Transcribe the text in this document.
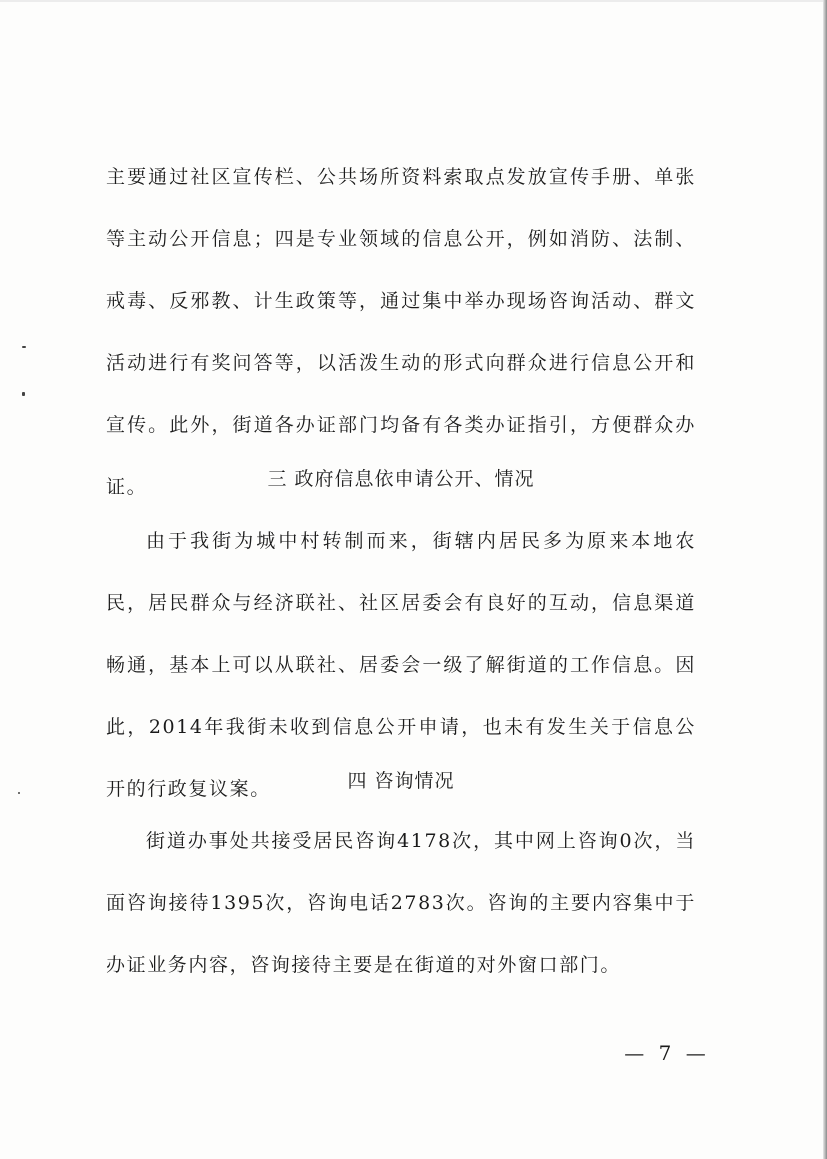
主要通过社区宣传栏、公共场所资料索取点发放宣传手册、单张等主动公开信息；四是专业领域的信息公开，例如消防、法制、戒毒、反邪教、计生政策等，通过集中举办现场咨询活动、群文活动进行有奖问答等，以活泼生动的形式向群众进行信息公开和宣传。此外，街道各办证部门均备有各类办证指引，方便群众办证。	三 政府信息依申请公开、情况

由于我街为城中村转制而来，街辖内居民多为原来本地农民，居民群众与经济联社、社区居委会有良好的互动，信息渠道畅通，基本上可以从联社、居委会一级了解街道的工作信息。因此，2014年我街未收到信息公开申请，也未有发生关于信息公开的行政复议案。	四 咨询情况

街道办事处共接受居民咨询4178次，其中网上咨询0次，当面咨询接待1395次，咨询电话2783次。咨询的主要内容集中于办证业务内容，咨询接待主要是在街道的对外窗口部门。

— 7 —
